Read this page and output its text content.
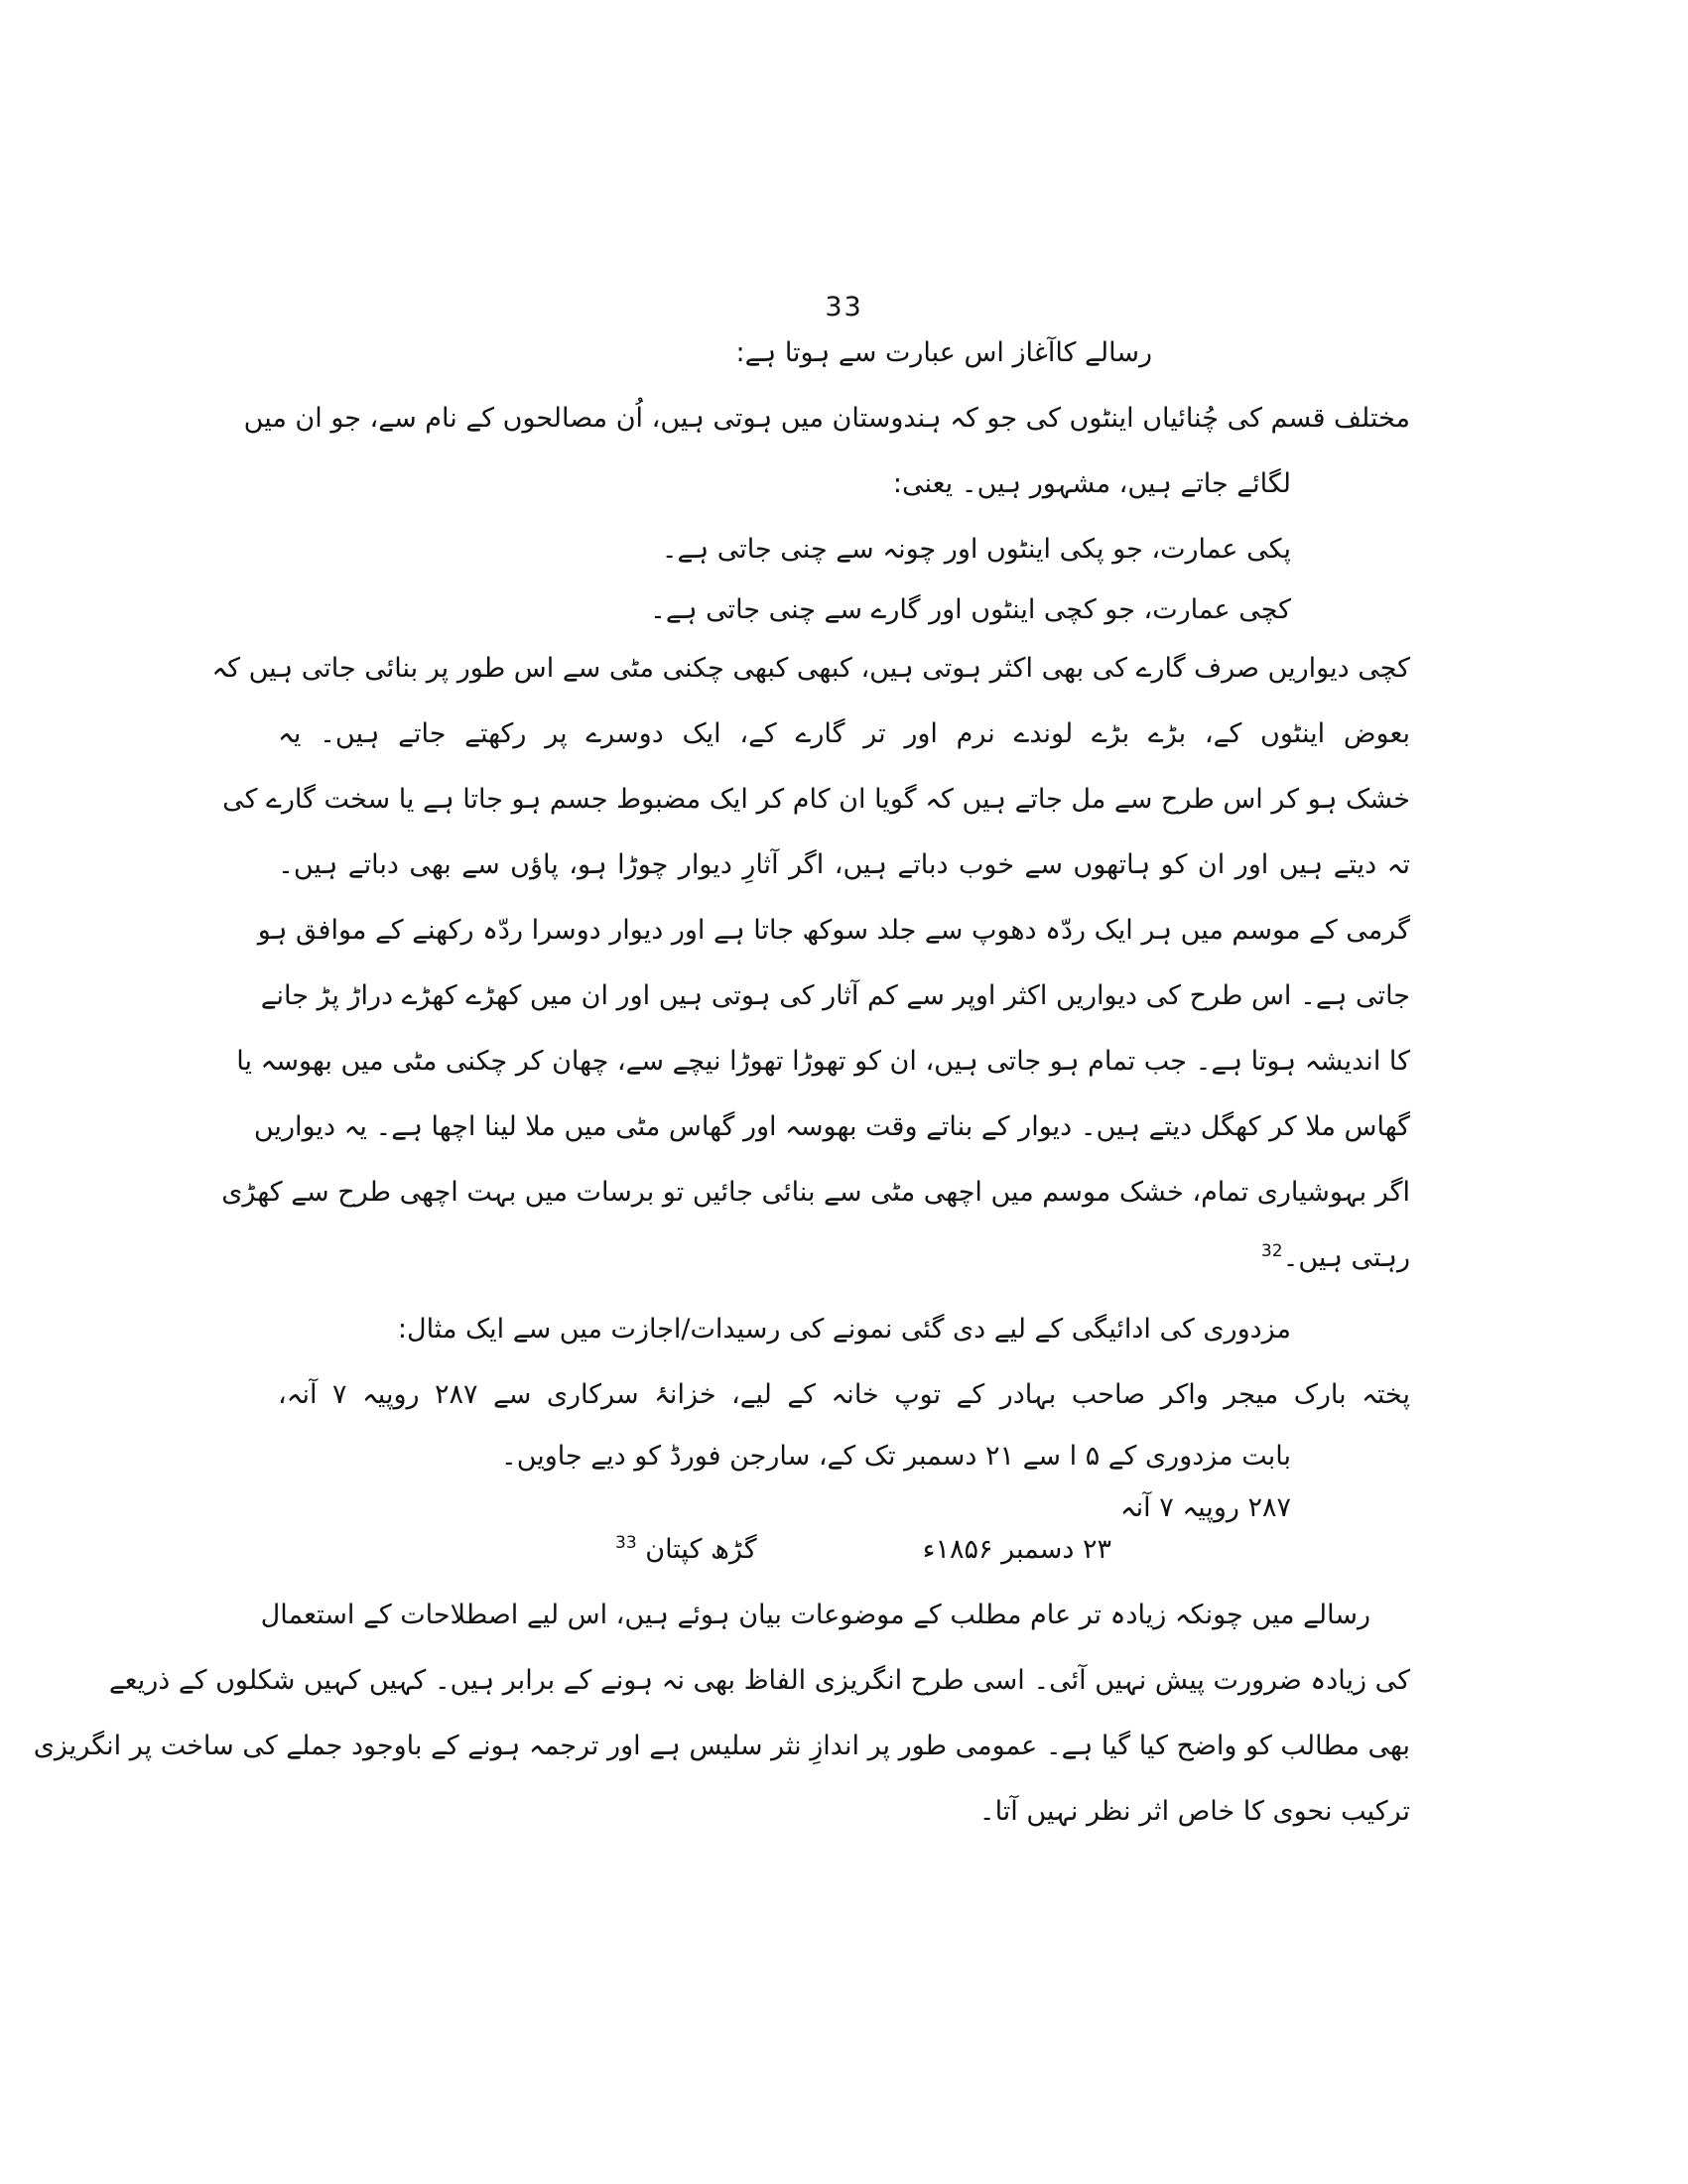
33
رسالے کاآغاز اس عبارت سے ہوتا ہے:
مختلف قسم کی چُنائیاں اینٹوں کی جو کہ ہندوستان میں ہوتی ہیں، اُن مصالحوں کے نام سے، جو ان میں
لگائے جاتے ہیں، مشہور ہیں۔ یعنی:
پکی عمارت، جو پکی اینٹوں اور چونہ سے چنی جاتی ہے۔
کچی عمارت، جو کچی اینٹوں اور گارے سے چنی جاتی ہے۔
کچی دیواریں صرف گارے کی بھی اکثر ہوتی ہیں، کبھی کبھی چکنی مٹی سے اس طور پر بنائی جاتی ہیں کہ
بعوض اینٹوں کے، بڑے بڑے لوندے نرم اور تر گارے کے، ایک دوسرے پر رکھتے جاتے ہیں۔ یہ
خشک ہو کر اس طرح سے مل جاتے ہیں کہ گویا ان کام کر ایک مضبوط جسم ہو جاتا ہے یا سخت گارے کی
تہ دیتے ہیں اور ان کو ہاتھوں سے خوب دباتے ہیں، اگر آثارِ دیوار چوڑا ہو، پاؤں سے بھی دباتے ہیں۔
گرمی کے موسم میں ہر ایک ردّہ دھوپ سے جلد سوکھ جاتا ہے اور دیوار دوسرا ردّہ رکھنے کے موافق ہو
جاتی ہے۔ اس طرح کی دیواریں اکثر اوپر سے کم آثار کی ہوتی ہیں اور ان میں کھڑے کھڑے دراڑ پڑ جانے
کا اندیشہ ہوتا ہے۔ جب تمام ہو جاتی ہیں، ان کو تھوڑا تھوڑا نیچے سے، چھان کر چکنی مٹی میں بھوسہ یا
گھاس ملا کر کھگل دیتے ہیں۔ دیوار کے بناتے وقت بھوسہ اور گھاس مٹی میں ملا لینا اچھا ہے۔ یہ دیواریں
اگر بہوشیاری تمام، خشک موسم میں اچھی مٹی سے بنائی جائیں تو برسات میں بہت اچھی طرح سے کھڑی
رہتی ہیں۔$^{32}$
مزدوری کی ادائیگی کے لیے دی گئی نمونے کی رسیدات/اجازت میں سے ایک مثال:
پختہ بارک میجر واکر صاحب بہادر کے توپ خانہ کے لیے، خزانۂ سرکاری سے ۲۸۷ روپیہ ۷ آنہ،
بابت مزدوری کے ۵ ا سے ۲۱ دسمبر تک کے، سارجن فورڈ کو دیے جاویں۔
۲۸۷ روپیہ ۷ آنہ
۲۳ دسمبر ۱۸۵۶ء
گڑھ کپتان $^{33}$
رسالے میں چونکہ زیادہ تر عام مطلب کے موضوعات بیان ہوئے ہیں، اس لیے اصطلاحات کے استعمال
کی زیادہ ضرورت پیش نہیں آئی۔ اسی طرح انگریزی الفاظ بھی نہ ہونے کے برابر ہیں۔ کہیں کہیں شکلوں کے ذریعے
بھی مطالب کو واضح کیا گیا ہے۔ عمومی طور پر اندازِ نثر سلیس ہے اور ترجمہ ہونے کے باوجود جملے کی ساخت پر انگریزی
ترکیب نحوی کا خاص اثر نظر نہیں آتا۔
